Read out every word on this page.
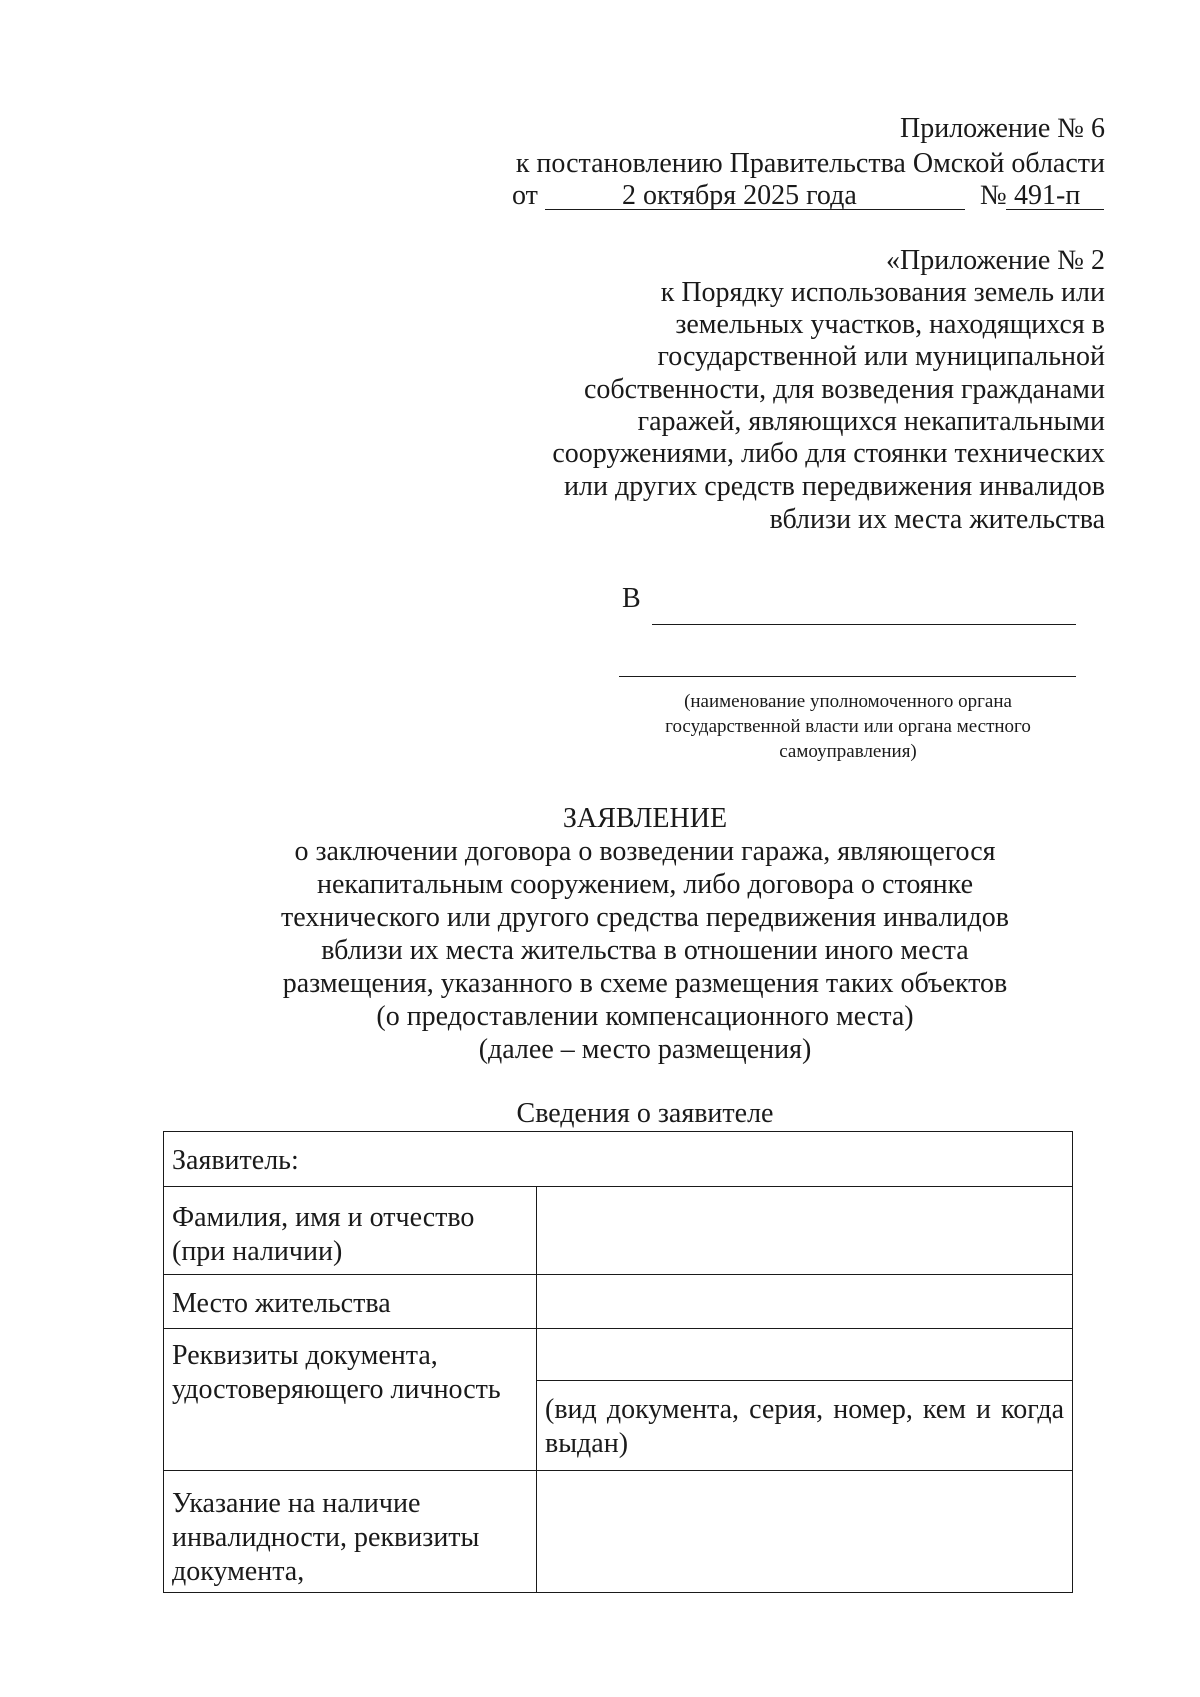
Приложение № 6
к постановлению Правительства Омской области
от	2 октября 2025 года	№ 491-п
«Приложение № 2
к Порядку использования земель или
земельных участков, находящихся в
государственной или муниципальной
собственности, для возведения гражданами
гаражей, являющихся некапитальными
сооружениями, либо для стоянки технических
или других средств передвижения инвалидов
вблизи их места жительства
В
(наименование уполномоченного органа
государственной власти или органа местного
самоуправления)
ЗАЯВЛЕНИЕ
о заключении договора о возведении гаража, являющегося
некапитальным сооружением, либо договора о стоянке
технического или другого средства передвижения инвалидов
вблизи их места жительства в отношении иного места
размещения, указанного в схеме размещения таких объектов
(о предоставлении компенсационного места)
(далее – место размещения)
Сведения о заявителе
Заявитель:	
Фамилия, имя и отчество (при наличии)	
Место жительства	
Реквизиты документа, удостоверяющего личность	
	(вид документа, серия, номер, кем и когда выдан)
Указание на наличие инвалидности, реквизиты документа,	
